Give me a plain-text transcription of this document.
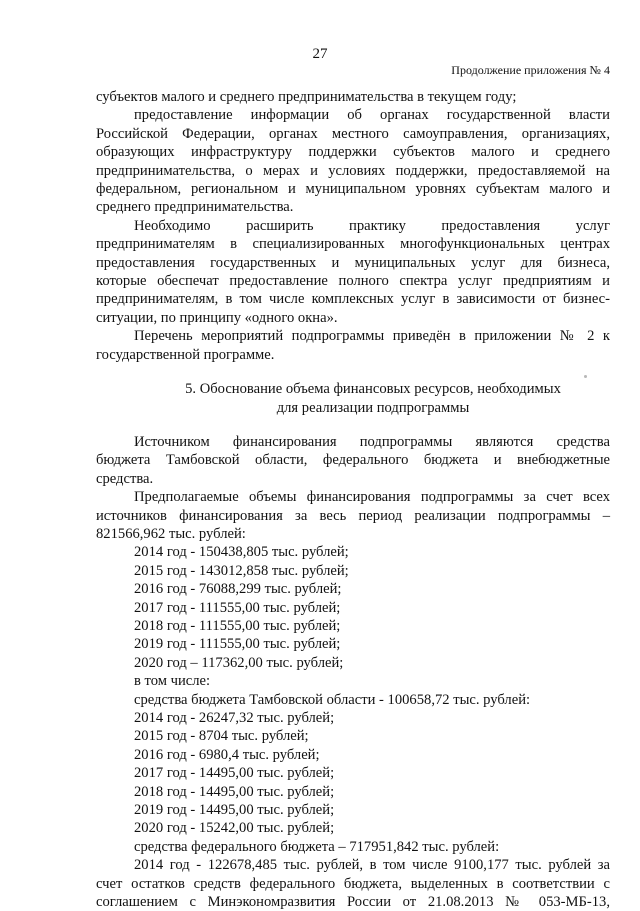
27
Продолжение приложения № 4

субъектов малого и среднего предпринимательства в текущем году;

предоставление информации об органах государственной власти

Российской Федерации, органах местного самоуправления, организациях,

образующих инфраструктуру поддержки субъектов малого и среднего

предпринимательства, о мерах и условиях поддержки, предоставляемой на

федеральном, региональном и муниципальном уровнях субъектам малого и

среднего предпринимательства.

Необходимо расширить практику предоставления услуг

предпринимателям в специализированных многофункциональных центрах

предоставления государственных и муниципальных услуг для бизнеса,

которые обеспечат предоставление полного спектра услуг предприятиям и

предпринимателям, в том числе комплексных услуг в зависимости от бизнес-

ситуации, по принципу «одного окна».

Перечень мероприятий подпрограммы приведён в приложении № 2 к

государственной программе.

5. Обоснование объема финансовых ресурсов, необходимых

для реализации подпрограммы

Источником финансирования подпрограммы являются средства

бюджета Тамбовской области, федерального бюджета и внебюджетные

средства.

Предполагаемые объемы финансирования подпрограммы за счет всех

источников финансирования за весь период реализации подпрограммы –

821566,962 тыс. рублей:

2014 год - 150438,805 тыс. рублей;
2015 год - 143012,858 тыс. рублей;
2016 год - 76088,299 тыс. рублей;
2017 год - 111555,00 тыс. рублей;
2018 год - 111555,00 тыс. рублей;
2019 год - 111555,00 тыс. рублей;
2020 год – 117362,00 тыс. рублей;
в том числе:
средства бюджета Тамбовской области - 100658,72 тыс. рублей:
2014 год - 26247,32 тыс. рублей;
2015 год - 8704 тыс. рублей;
2016 год - 6980,4 тыс. рублей;
2017 год - 14495,00 тыс. рублей;
2018 год - 14495,00 тыс. рублей;
2019 год - 14495,00 тыс. рублей;
2020 год - 15242,00 тыс. рублей;
средства федерального бюджета – 717951,842 тыс. рублей:

2014 год - 122678,485 тыс. рублей, в том числе 9100,177 тыс. рублей за

счет остатков средств федерального бюджета, выделенных в соответствии с

соглашением с Минэкономразвития России от 21.08.2013 № 053-МБ-13,
